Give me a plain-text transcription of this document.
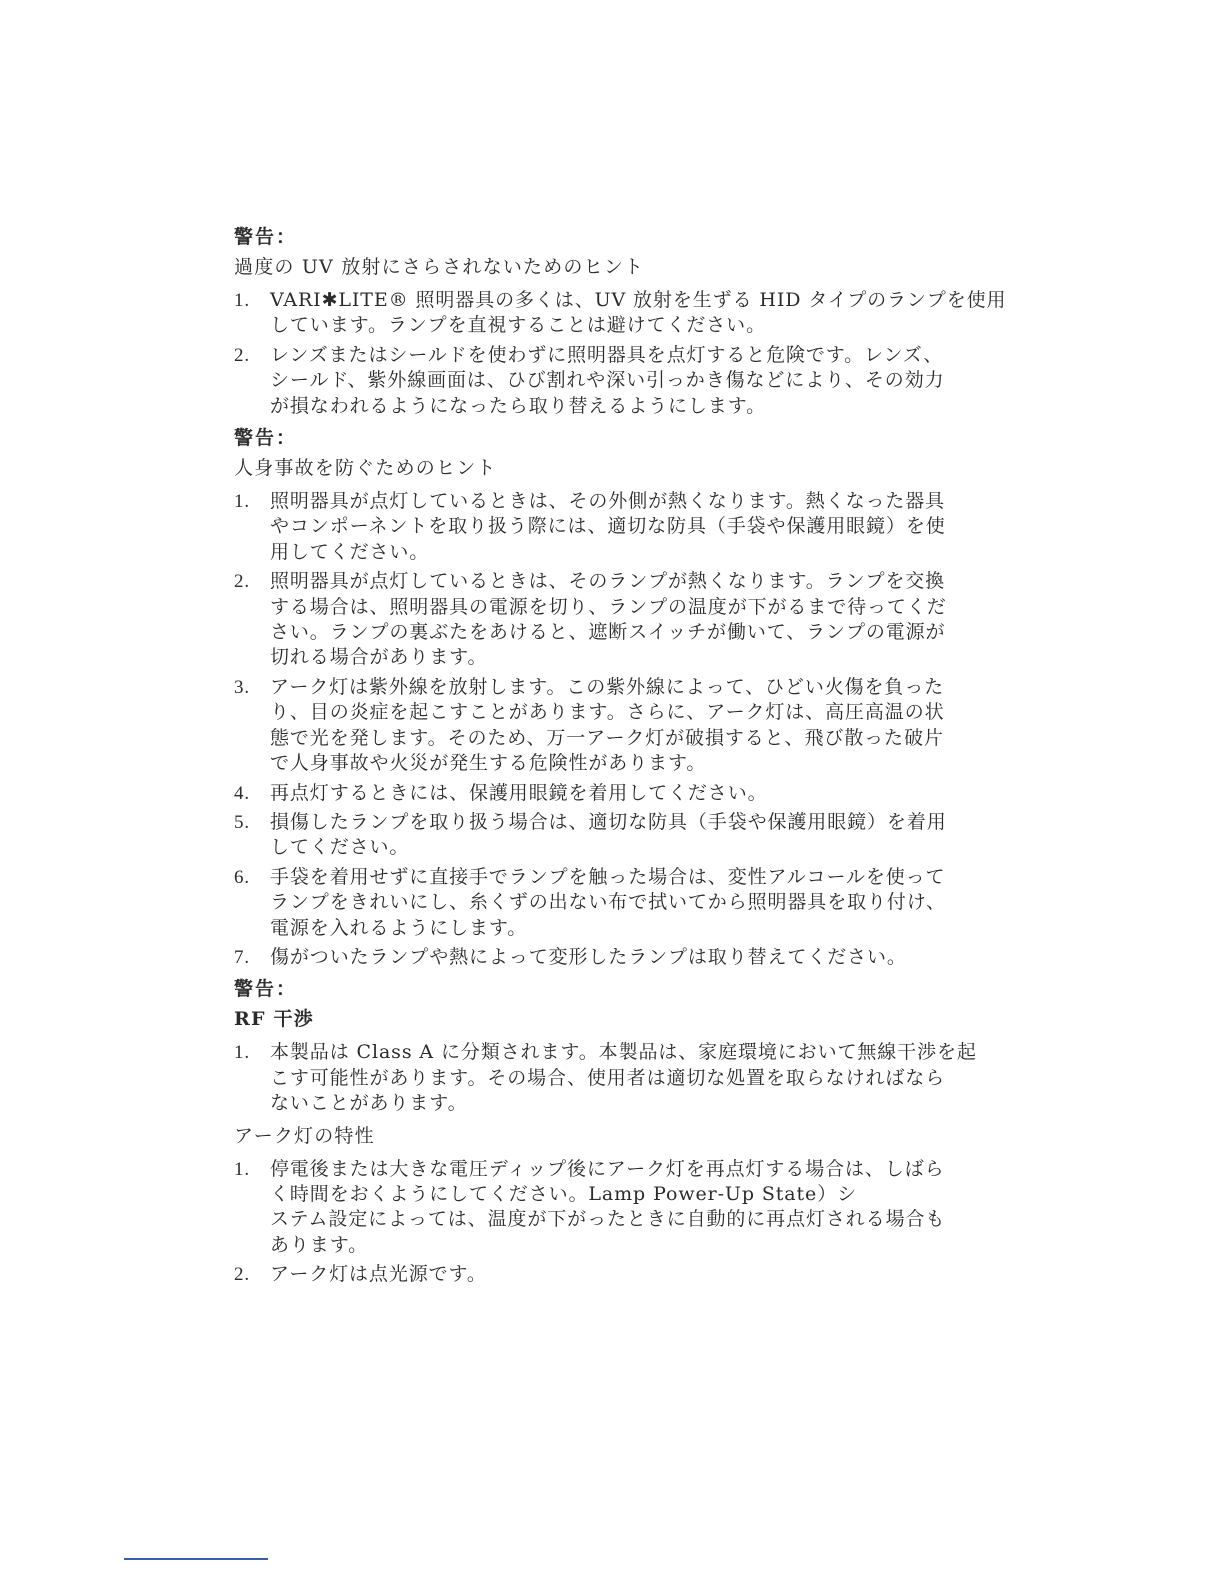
警告：
過度の UV 放射にさらされないためのヒント
1.	VARI✱LITE® 照明器具の多くは、UV 放射を生ずる HID タイプのランプを使用
しています。ランプを直視することは避けてください。
2.	レンズまたはシールドを使わずに照明器具を点灯すると危険です。レンズ、
シールド、紫外線画面は、ひび割れや深い引っかき傷などにより、その効力
が損なわれるようになったら取り替えるようにします。
警告：
人身事故を防ぐためのヒント
1.	照明器具が点灯しているときは、その外側が熱くなります。熱くなった器具
やコンポーネントを取り扱う際には、適切な防具（手袋や保護用眼鏡）を使
用してください。
2.	照明器具が点灯しているときは、そのランプが熱くなります。ランプを交換
する場合は、照明器具の電源を切り、ランプの温度が下がるまで待ってくだ
さい。ランプの裏ぶたをあけると、遮断スイッチが働いて、ランプの電源が
切れる場合があります。
3.	アーク灯は紫外線を放射します。この紫外線によって、ひどい火傷を負った
り、目の炎症を起こすことがあります。さらに、アーク灯は、高圧高温の状
態で光を発します。そのため、万一アーク灯が破損すると、飛び散った破片
で人身事故や火災が発生する危険性があります。
4.	再点灯するときには、保護用眼鏡を着用してください。
5.	損傷したランプを取り扱う場合は、適切な防具（手袋や保護用眼鏡）を着用
してください。
6.	手袋を着用せずに直接手でランプを触った場合は、変性アルコールを使って
ランプをきれいにし、糸くずの出ない布で拭いてから照明器具を取り付け、
電源を入れるようにします。
7.	傷がついたランプや熱によって変形したランプは取り替えてください。
警告：
RF 干渉
1.	本製品は Class A に分類されます。本製品は、家庭環境において無線干渉を起
こす可能性があります。その場合、使用者は適切な処置を取らなければなら
ないことがあります。
アーク灯の特性
1.	停電後または大きな電圧ディップ後にアーク灯を再点灯する場合は、しばら
く時間をおくようにしてください。Lamp Power-Up State）シ
ステム設定によっては、温度が下がったときに自動的に再点灯される場合も
あります。
2.	アーク灯は点光源です。
